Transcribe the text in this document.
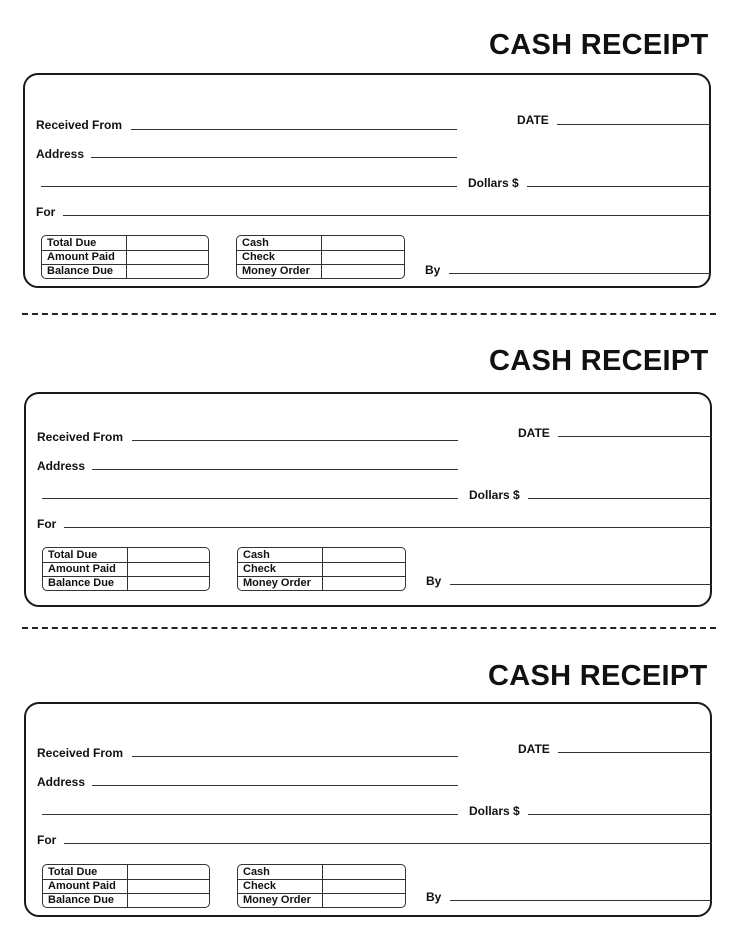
CASH RECEIPT
Received From
Address
For
DATE
Dollars $
By
Total Due
Amount Paid
Balance Due
Cash
Check
Money Order
CASH RECEIPT
Received From
Address
For
DATE
Dollars $
By
Total Due
Amount Paid
Balance Due
Cash
Check
Money Order
CASH RECEIPT
Received From
Address
For
DATE
Dollars $
By
Total Due
Amount Paid
Balance Due
Cash
Check
Money Order
